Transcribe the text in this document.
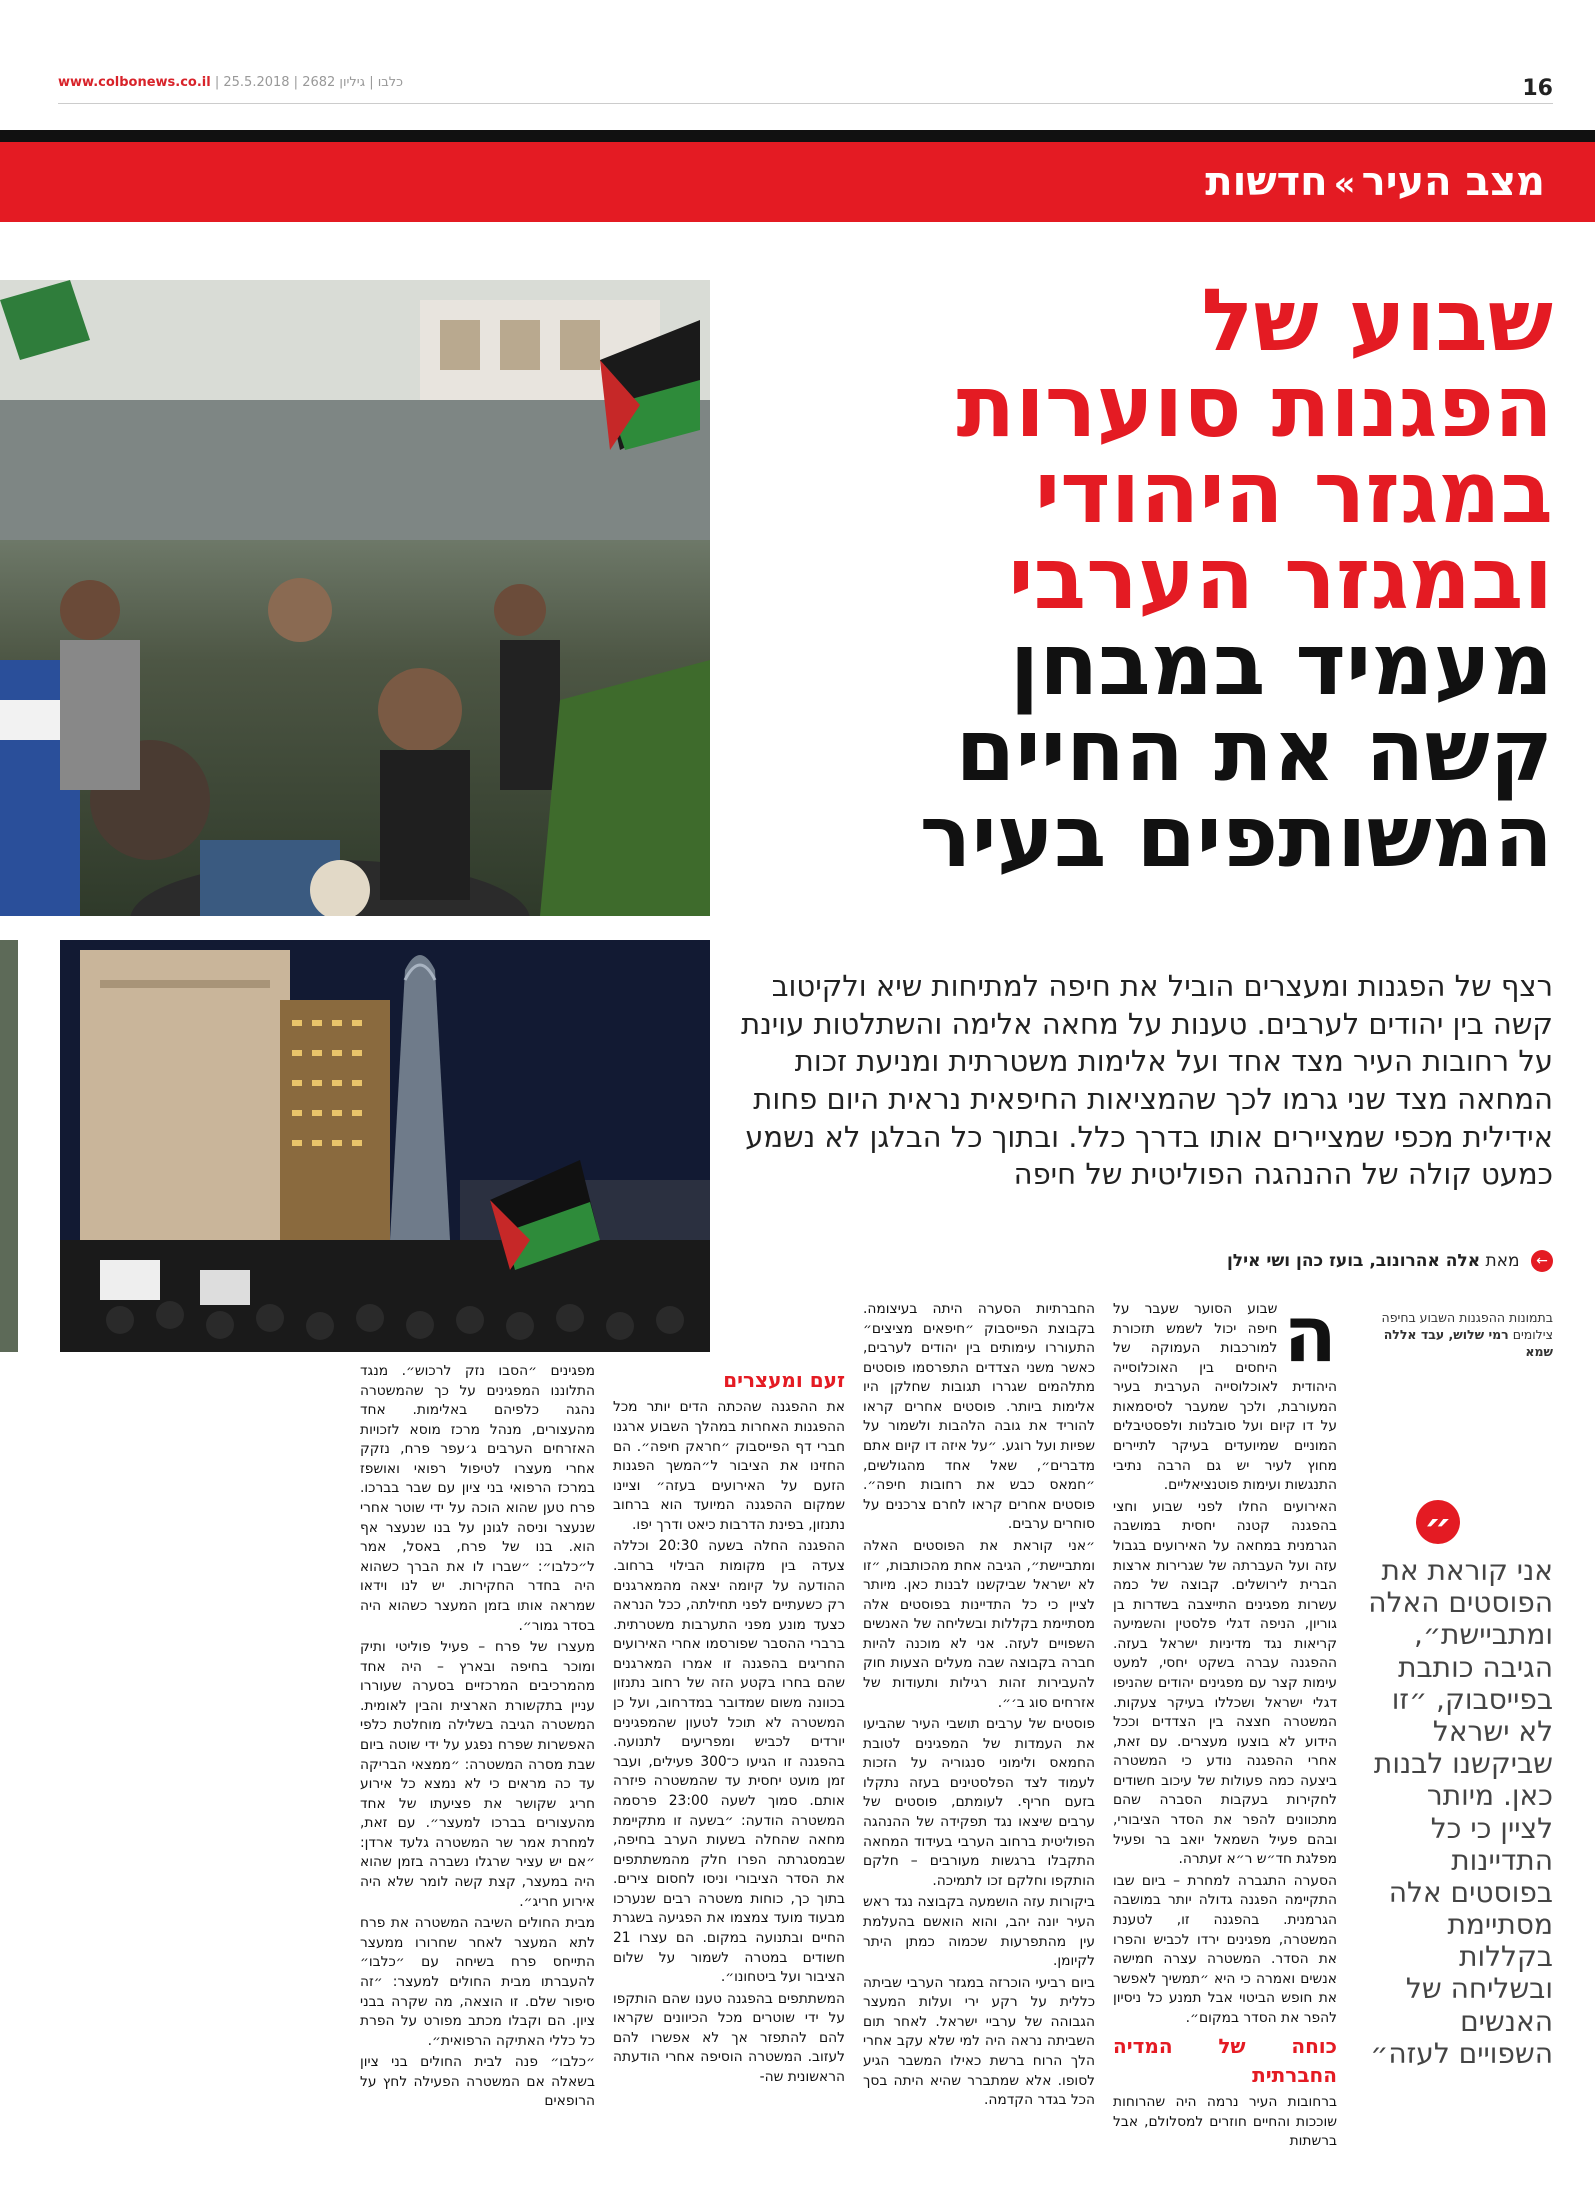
www.colbonews.co.il | כלבו | גיליון 2682 | 25.5.2018	16
מצב העיר»חדשות
שבוע של
הפגנות סוערות
במגזר היהודי
ובמגזר הערבי
מעמיד במבחן
קשה את החיים
המשותפים בעיר
רצף של הפגנות ומעצרים הוביל את חיפה למתיחות שיא ולקיטוב קשה בין יהודים לערבים. טענות על מחאה אלימה והשתלטות עוינת על רחובות העיר מצד אחד ועל אלימות משטרתית ומניעת זכות המחאה מצד שני גרמו לכך שהמציאות החיפאית נראית היום פחות אידילית מכפי שמציירים אותו בדרך כלל. ובתוך כל הבלגן לא נשמע כמעט קולה של ההנהגה הפוליטית של חיפה
← מאת אלה אהרונוב, בועז כהן ושי אילן
בתמונות ההפגנות השבוע בחיפה
צילומים רמי שלוש, עבד אללה שמא
״
אני קוראת את הפוסטים האלה ומתביישת״, הגיבה כותבת בפייסבוק, ״זו לא ישראל שביקשנו לבנות כאן. מיותר לציין כי כל התדיינות בפוסטים אלה מסתיימת בקללות ובשליחה של האנשים השפויים לעזה״
ה

שבוע הסוער שעבר על חיפה יכול לשמש תזכורת למורכבות העמוקה של היחסים בין האוכלוסייה היהודית לאוכלוסייה הערבית בעיר המעורבת, ולכך שמעבר לסיסמאות על דו קיום ועל סובלנות ולפסטיבלים המוניים שמיועדים בעיקר לתיירים מחוץ לעיר יש גם הרבה נתיבי התנגשות ועימות פוטנציאליים.

האירועים החלו לפני שבוע וחצי בהפגנה קטנה יחסית במושבה הגרמנית במחאה על האירועים בגבול עזה ועל העברתה של שגרירות ארצות הברית לירושלים. קבוצה של כמה עשרות מפגינים התייצבה בשדרות בן גוריון, הניפה דגלי פלסטין והשמיעה קריאות נגד מדיניות ישראל בעזה. ההפגנה עברה בשקט יחסי, למעט עימות קצר עם מפגינים יהודים שהניפו דגלי ישראל ושכללו בעיקר צעקות. המשטרה חצצה בין הצדדים וככל הידוע לא בוצעו מעצרים. עם זאת, אחרי ההפגנה נודע כי המשטרה ביצעה כמה פעולות של עיכוב חשודים לחקירות בעקבות הסברה שהם מתכוונים להפר את הסדר הציבורי, ובהם פעיל השמאל יואב בר ופעיל מפלגת חד״ש ר״א זעתרה.

הסערה התגברה למחרת – ביום שבו התקיימה הפגנה גדולה יותר במושבה הגרמנית. בהפגנה זו, לטענת המשטרה, מפגינים ירדו לכביש והפרו את הסדר. המשטרה עצרה חמישה אנשים ואמרה כי היא ״תמשיך לאפשר את חופש הביטוי אבל תמנע כל ניסיון להפר את הסדר במקום״.

כוחה של המדיה החברתית

ברחובות העיר נרמה היה שהרוחות שוככות והחיים חוזרים למסלולם, אבל ברשתות

החברתיות הסערה היתה בעיצומה. בקבוצת הפייסבוק ״חיפאים מציצים״ התעוררו עימותים בין יהודים לערבים, כאשר משני הצדדים התפרסמו פוסטים מתלהמים שגררו תגובות שחלקן היו אלימות ביותר. פוסטים אחרים קראו להוריד את גובה הלהבות ולשמור על שפיות ועל רוגע. ״על איזה דו קיום אתם מדברים״, שאל אחד מהגולשים, ״חמאס כבש את רחובות חיפה״. פוסטים אחרים קראו לחרם צרכנים על סוחרים ערבים.

״אני קוראת את הפוסטים האלה ומתביישת״, הגיבה אחת מהכותבות, ״זו לא ישראל שביקשנו לבנות כאן. מיותר לציין כי כל התדיינות בפוסטים אלה מסתיימת בקללות ובשליחה של האנשים השפויים לעזה. אני לא מוכנה להיות חברה בקבוצה שבה מעלים הצעות חוק להעבירות זהות רגילות ותעודות של אזרחים סוג ב׳״.

פוסטים של ערבים תושבי העיר שהביעו את העמדות של המפגינים לטובת החמאס ולימוני סנגוריה על הזכות לעמוד לצד הפלסטינים בעזה נתקלו בזעם חריף. לעומתם, פוסטים של ערבים שיצאו נגד תפקידה של ההנהגה הפוליטית ברחוב הערבי בעידוד המחאה התקבלו ברגשות מעורבים – חלקם הותקפו וחלקם זכו לתמיכה.

ביקורות עזה הושמעה בקבוצה נגד ראש העיר יונה יהב, והוא הואשם בהעלמת עין מהתפרעות שכמוה כמתן היתר לקיומן.

ביום רביעי הוכרזה במגזר הערבי שביתה כללית על רקע ירי ועלות המעצר הגבוהה של ערביי ישראל. לאחר תום השביתה נראה היה למי שלא עקב אחרי הלך הרוח ברשת כאילו המשבר הגיע לסופו. אלא שמתברר שהיא היתה בסך הכל בגדר הקדמה.

זעם ומעצרים

את ההפגנה שהכתה הדים יותר מכל ההפגנות האחרות במהלך השבוע ארגנו חברי דף הפייסבוק ״חראק חיפה״. הם החזינו את הציבור ל״המשך הפגנות הזעם על האירועים בעזה״ וציינו שמקום ההפגנה המיועד הוא ברחוב נתנזון, בפינת הדרבות כיאט ודרך יפו.

ההפגנה החלה בשעה 20:30 וכללה צעדה בין מקומות הבילוי ברחוב. ההודעה על קיומה יצאה מהמארגנים רק כשעתיים לפני תחילתה, ככל הנראה כצעד מונע מפני התערבות משטרתית. ברברי ההסבר שפורסמו אחרי האירועים החריגים בהפגנה זו אמרו המארגנים שהם בחרו בקטע הזה של רחוב נתנזון בכוונה משום שמדובר במדרחוב, ועל כן המשטרה לא תוכל לטעון שהמפגינים יורדים לכביש ומפריעים לתנועה. בהפגנה זו הגיעו כ־300 פעילים, ועבר זמן מועט יחסית עד שהמשטרה פיזרה אותם. סמוך לשעה 23:00 פרסמה המשטרה הודעה: ״בשעה זו מתקיימת מחאה שהחלה בשעות הערב בחיפה, שבמסגרתה הפרו חלק מהמשתתפים את הסדר הציבורי וניסו לחסום צירים. בתוך כך, כוחות משטרה רבים שנערכו מבעוד מועד צמצמו את הפגיעה בשגרת החיים ובתנועה במקום. הם עצרו 21 חשודים במטרה לשמור על שלום הציבור ועל ביטחונו״.

המשתתפים בהפגנה טענו שהם הותקפו על ידי שוטרים מכל הכיוונים שקראו להם להתפזר אך לא אפשרו להם לעזוב. המשטרה הוסיפה אחרי הודעתה הראשונית שה-

מפגינים ״הסבו נזק לרכוש״. מנגד התלוננו המפגינים על כך שהמשטרה נהגה כלפיהם באלימות. אחד מהעצורים, מנהל מרכז מוסא לזכויות האזרחים הערבים ג׳עפר פרח, נזקק אחרי מעצרו לטיפול רפואי ואושפז במרכז הרפואי בני ציון עם שבר בברכו. פרח טען שהוא הוכה על ידי שוטר אחרי שנעצר וניסה לגונן על בנו שנעצר אף הוא. בנו של פרח, באסל, אמר ל״כלבו״: ״שברו לו את הברך כשהוא היה בחדר החקירות. יש לנו וידאו שמראה אותו בזמן המעצר כשהוא היה בסדר גמור״.

מעצרו של פרח – פעיל פוליטי ותיק ומוכר בחיפה ובארץ – היה אחד מהמרכיבים המרכזיים בסערה שעוררו עניין בתקשורת הארצית והבין לאומית. המשטרה הגיבה בשלילה מוחלטת כלפי האפשרות שפרח נפגע על ידי שוטה ביום שבת מסרה המשטרה: ״ממצאי הבריקה עד כה מראים כי לא נמצא כל אירוע חריג שקושר את פציעתו של אחד מהעצורים בברכו למעצר״. עם זאת, למחרת אמר שר המשטרה גלעד ארדן: ״אם יש עציר שרגלו נשברה בזמן שהוא היה במעצר, קצת קשה לומר שלא היה אירוע חריג״.

מבית החולים השיבה המשטרה את פרח לתא המעצר לאחר שחרורו ממעצר התייחס פרח בשיחה עם ״כלבו״ להעברתו מבית החולים למעצר: ״זה סיפור שלם. זו הוצאה, מה שקרה בבני ציון. הם וקבלו מכתב מפורט על הפרת כל כללי האתיקה הרפואית״.

״כלבו״ פנה לבית החולים בני ציון בשאלה אם המשטרה הפעילה לחץ על הרופאים
